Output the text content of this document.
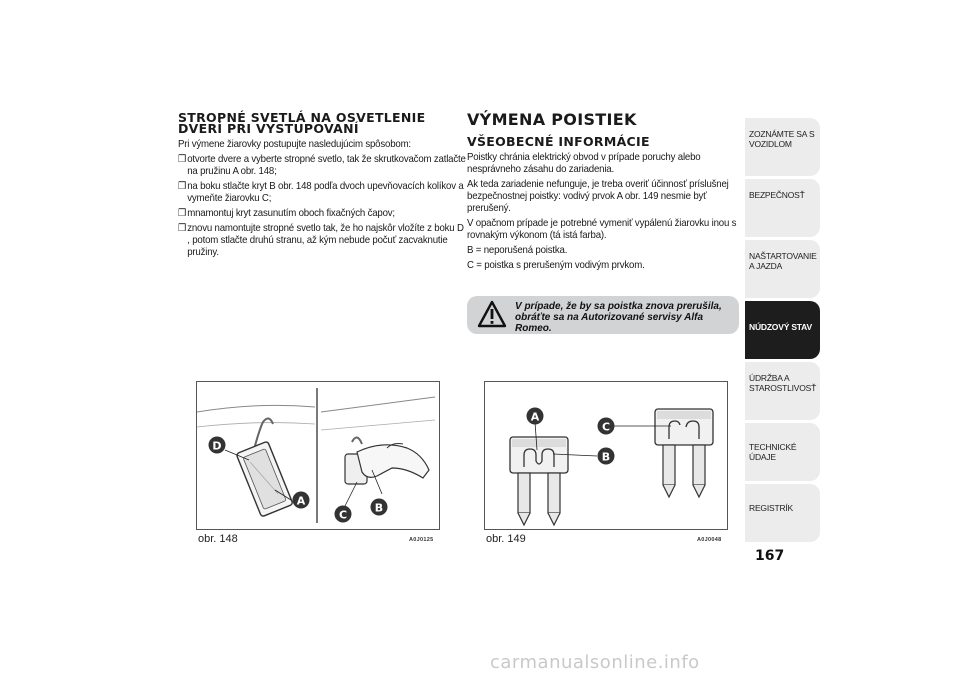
STROPNÉ SVETLÁ NA OSVETLENIE DVERÍ PRI VYSTUPOVANÍ

Pri výmene žiarovky postupujte nasledujúcim spôsobom:

❒ otvorte dvere a vyberte stropné svetlo, tak že skrutkovačom zatlačte na pružinu A obr. 148;
❒ na boku stlačte kryt B obr. 148 podľa dvoch upevňovacích kolíkov a vymeňte žiarovku C;
❒ mnamontuj kryt zasunutím oboch fixačných čapov;
❒ znovu namontujte stropné svetlo tak, že ho najskôr vložíte z boku D , potom stlačte druhú stranu, až kým nebude počuť zacvaknutie pružiny.
VÝMENA POISTIEK
VŠEOBECNÉ INFORMÁCIE

Poistky chránia elektrický obvod v prípade poruchy alebo nesprávneho zásahu do zariadenia.

Ak teda zariadenie nefunguje, je treba overiť účinnosť príslušnej bezpečnostnej poistky: vodivý prvok A obr. 149 nesmie byť prerušený.

V opačnom prípade je potrebné vymeniť vypálenú žiarovku inou s rovnakým výkonom (tá istá farba).

B = neporušená poistka.

C = poistka s prerušeným vodivým prvkom.

V prípade, že by sa poistka znova prerušila, obráťte sa na Autorizované servisy Alfa Romeo.
D
A
C
B
obr. 148	A0J0125
A
C
B
obr. 149	A0J0048
ZOZNÁMTE SA S VOZIDLOM
BEZPEČNOSŤ
NAŠTARTOVANIE A JAZDA
NÚDZOVÝ STAV
ÚDRŽBA A STAROSTLIVOSŤ
TECHNICKÉ ÚDAJE
REGISTRÍK
167
carmanualsonline.info
